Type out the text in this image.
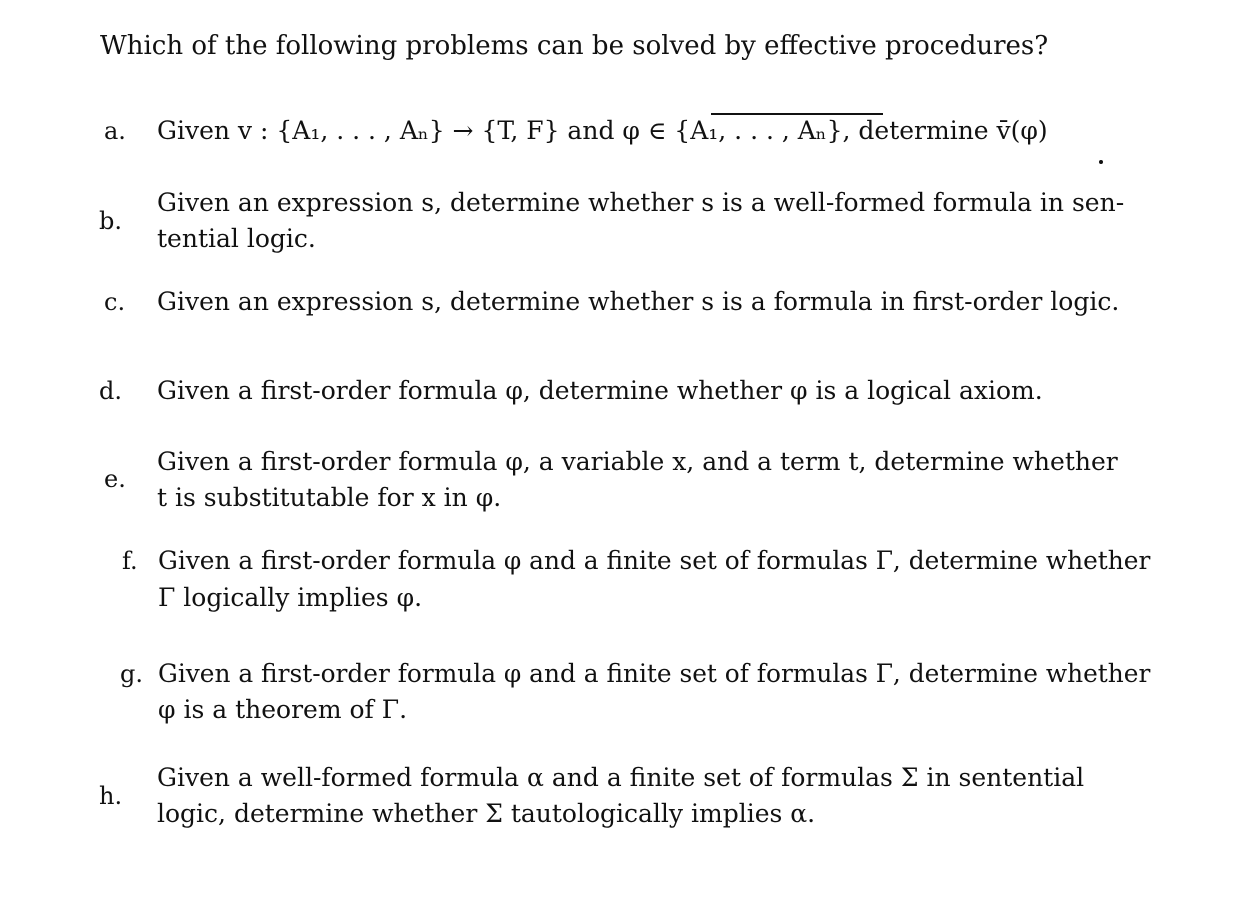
Which of the following problems can be solved by effective procedures?
a. Given v : {A₁, . . . , Aₙ} → {T, F} and φ ∈ {A₁, . . . , Aₙ}, determine v̄(φ)
b.
Given an expression s, determine whether s is a well-formed formula in sen-
tential logic.
c. Given an expression s, determine whether s is a formula in first-order logic.
d. Given a first-order formula φ, determine whether φ is a logical axiom.
e.
Given a first-order formula φ, a variable x, and a term t, determine whether
t is substitutable for x in φ.
f. Given a first-order formula φ and a finite set of formulas Γ, determine whether
Γ logically implies φ.
g. Given a first-order formula φ and a finite set of formulas Γ, determine whether
φ is a theorem of Γ.
h.
Given a well-formed formula α and a finite set of formulas Σ in sentential
logic, determine whether Σ tautologically implies α.
